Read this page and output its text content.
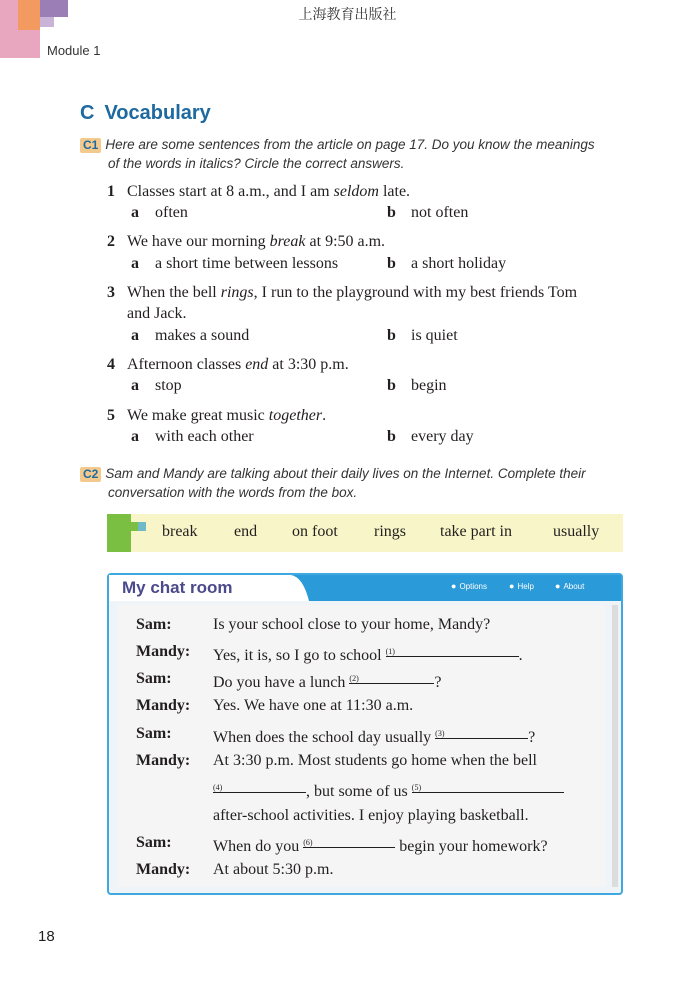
上海教育出版社
Module 1
C Vocabulary
C1 Here are some sentences from the article on page 17. Do you know the meanings
of the words in italics? Circle the correct answers.
1 Classes start at 8 a.m., and I am seldom late.
a often	b not often
2 We have our morning break at 9:50 a.m.
a a short time between lessons	b a short holiday
3 When the bell rings, I run to the playground with my best friends Tom
and Jack.
a makes a sound	b is quiet
4 Afternoon classes end at 3:30 p.m.
a stop	b begin
5 We make great music together.
a with each other	b every day
C2 Sam and Mandy are talking about their daily lives on the Internet. Complete their
conversation with the words from the box.
break end on foot rings take part in	usually
My chat room	● Options ● Help ● About
Sam:	Is your school close to your home, Mandy?
Mandy: Yes, it is, so I go to school $^{(1)}$	.
Sam:	Do you have a lunch $^{(2)}$	?
Mandy: Yes. We have one at 11:30 a.m.
Sam:	When does the school day usually $^{(3)}$	?
Mandy: At 3:30 p.m. Most students go home when the bell
$^{(4)}$	, but some of us $^{(5)}$
after-school activities. I enjoy playing basketball.
Sam:	When do you $^{(6)}$	begin your homework?
Mandy: At about 5:30 p.m.
18
